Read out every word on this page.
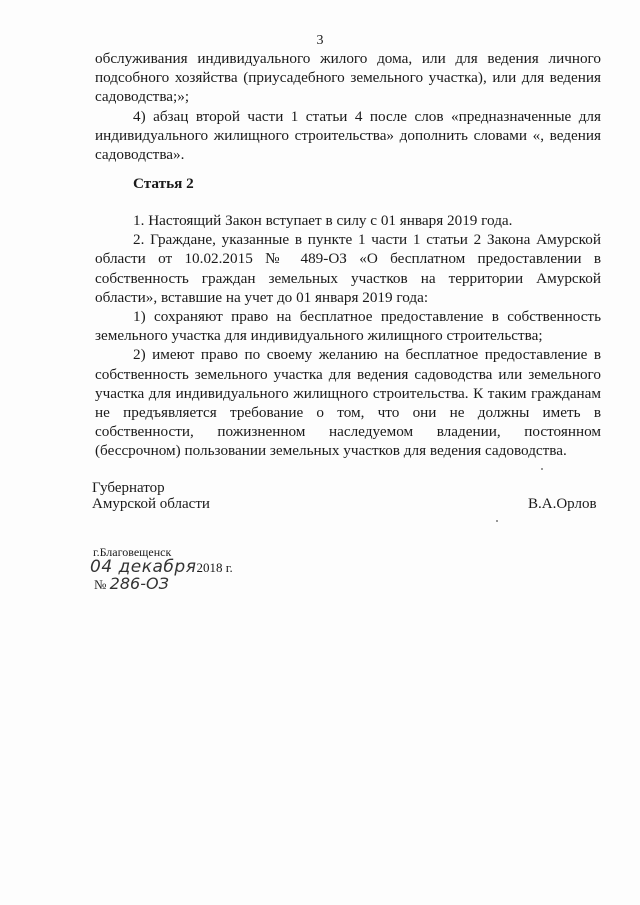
3

обслуживания индивидуального жилого дома, или для ведения личного подсобного хозяйства (приусадебного земельного участка), или для ведения садоводства;»;

4) абзац второй части 1 статьи 4 после слов «предназначенные для индивидуального жилищного строительства» дополнить словами «, ведения садоводства».

Статья 2

1. Настоящий Закон вступает в силу с 01 января 2019 года.

2. Граждане, указанные в пункте 1 части 1 статьи 2 Закона Амурской области от 10.02.2015 № 489-ОЗ «О бесплатном предоставлении в собственность граждан земельных участков на территории Амурской области», вставшие на учет до 01 января 2019 года:

1) сохраняют право на бесплатное предоставление в собственность земельного участка для индивидуального жилищного строительства;

2) имеют право по своему желанию на бесплатное предоставление в собственность земельного участка для ведения садоводства или земельного участка для индивидуального жилищного строительства. К таким гражданам не предъявляется требование о том, что они не должны иметь в собственности, пожизненном наследуемом владении, постоянном (бессрочном) пользовании земельных участков для ведения садоводства.

Губернатор
Амурской области	В.А.Орлов
г.Благовещенск
04 декабря2018 г.
№ 286-ОЗ
